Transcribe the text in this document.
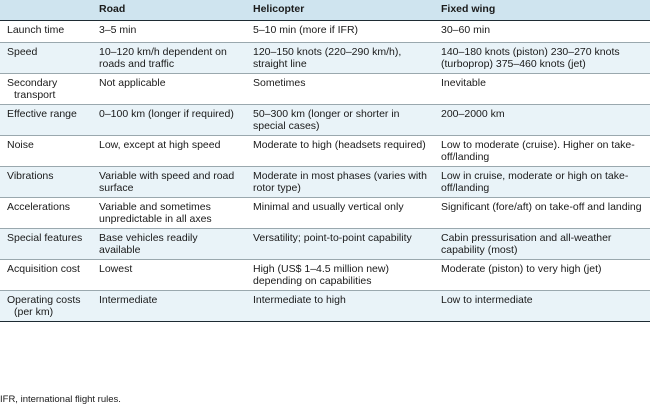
	Road	Helicopter	Fixed wing
Launch time	3–5 min	5–10 min (more if IFR)	30–60 min
Speed	10–120 km/h dependent on roads and traffic	120–150 knots (220–290 km/h), straight line	140–180 knots (piston) 230–270 knots (turboprop) 375–460 knots (jet)

Secondary transport	Not applicable	Sometimes	Inevitable
Effective range	0–100 km (longer if required)	50–300 km (longer or shorter in special cases)	200–2000 km
Noise	Low, except at high speed	Moderate to high (headsets required)	Low to moderate (cruise). Higher on take-off/landing
Vibrations	Variable with speed and road surface	Moderate in most phases (varies with rotor type)	Low in cruise, moderate or high on take-off/landing
Accelerations	Variable and sometimes unpredictable in all axes	Minimal and usually vertical only	Significant (fore/aft) on take-off and landing
Special features	Base vehicles readily available	Versatility; point-to-point capability	Cabin pressurisation and all-weather capability (most)
Acquisition cost	Lowest	High (US$ 1–4.5 million new) depending on capabilities	Moderate (piston) to very high (jet)

Operating costs (per km)	Intermediate	Intermediate to high	Low to intermediate
IFR, international flight rules.
